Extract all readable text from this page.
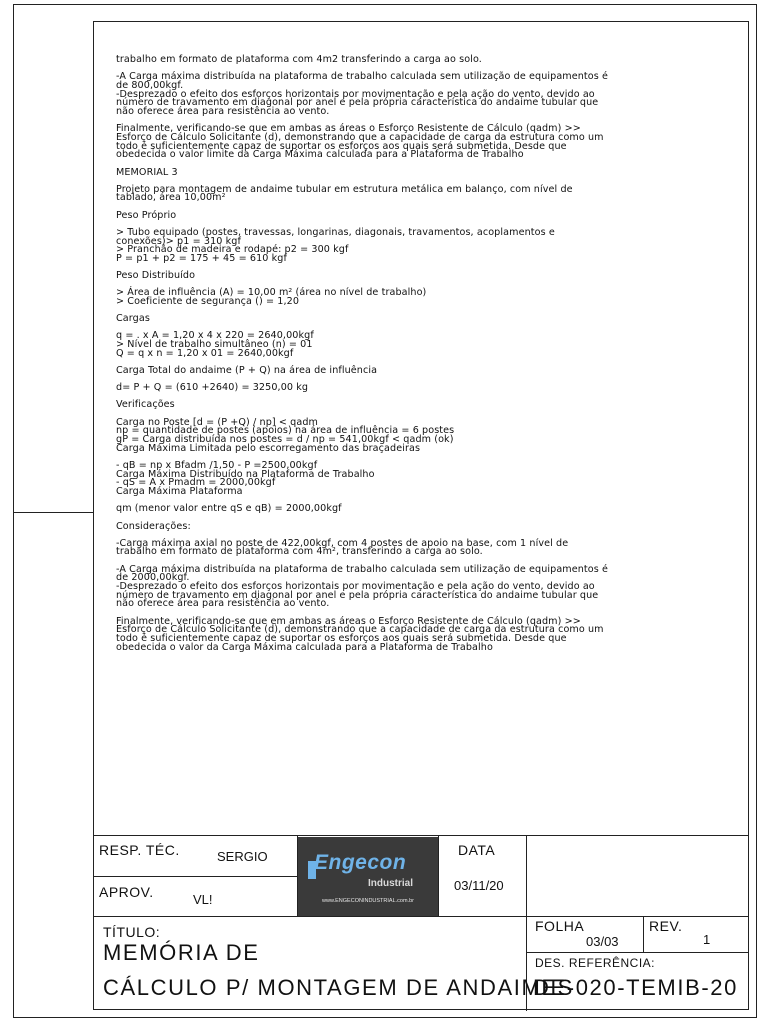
trabalho em formato de plataforma com 4m2 transferindo a carga ao solo.

-A Carga máxima distribuída na plataforma de trabalho calculada sem utilização de equipamentos é
de 800,00kgf.
-Desprezado o efeito dos esforços horizontais por movimentação e pela ação do vento, devido ao
número de travamento em diagonal por anel e pela própria característica do andaime tubular que
não oferece área para resistência ao vento.

Finalmente, verificando-se que em ambas as áreas o Esforço Resistente de Cálculo (qadm) >>
Esforço de Cálculo Solicitante (d), demonstrando que a capacidade de carga da estrutura como um
todo é suficientemente capaz de suportar os esforços aos quais será submetida. Desde que
obedecida o valor limite da Carga Máxima calculada para a Plataforma de Trabalho

MEMORIAL 3

Projeto para montagem de andaime tubular em estrutura metálica em balanço, com nível de
tablado, área 10,00m²

Peso Próprio

> Tubo equipado (postes, travessas, longarinas, diagonais, travamentos, acoplamentos e
conexões)> p1 = 310 kgf
> Pranchão de madeira e rodapé: p2 = 300 kgf
P = p1 + p2 = 175 + 45 = 610 kgf

Peso Distribuído

> Área de influência (A) = 10,00 m² (área no nível de trabalho)
> Coeficiente de segurança () = 1,20

Cargas

q = . x A = 1,20 x 4 x 220 = 2640,00kgf
> Nível de trabalho simultâneo (n) = 01
Q = q x n = 1,20 x 01 = 2640,00kgf

Carga Total do andaime (P + Q) na área de influência

d= P + Q = (610 +2640) = 3250,00 kg

Verificações

Carga no Poste [d = (P +Q) / np] < qadm
np = quantidade de postes (apoios) na área de influência = 6 postes
gP = Carga distribuída nos postes = d / np = 541,00kgf < qadm (ok)
Carga Máxima Limitada pelo escorregamento das braçadeiras

- qB = np x Bfadm /1,50 - P =2500,00kgf
Carga Máxima Distribuído na Plataforma de Trabalho
- qS = A x Pmadm = 2000,00kgf
Carga Máxima Plataforma

qm (menor valor entre qS e qB) = 2000,00kgf

Considerações:

-Carga máxima axial no poste de 422,00kgf, com 4 postes de apoio na base, com 1 nível de
trabalho em formato de plataforma com 4m², transferindo a carga ao solo.

-A Carga máxima distribuída na plataforma de trabalho calculada sem utilização de equipamentos é
de 2000,00kgf.
-Desprezado o efeito dos esforços horizontais por movimentação e pela ação do vento, devido ao
número de travamento em diagonal por anel e pela própria característica do andaime tubular que
não oferece área para resistência ao vento.

Finalmente, verificando-se que em ambas as áreas o Esforço Resistente de Cálculo (qadm) >>
Esforço de Cálculo Solicitante (d), demonstrando que a capacidade de carga da estrutura como um
todo é suficientemente capaz de suportar os esforços aos quais será submetida. Desde que
obedecida o valor da Carga Máxima calculada para a Plataforma de Trabalho

RESP. TÉC.	SERGIO
APROV.	VL!
Engecon
Industrial
www.ENGECONINDUSTRIAL.com.br
DATA
03/11/20
TÍTULO:
MEMÓRIA DE
CÁLCULO P/ MONTAGEM DE ANDAIMES
FOLHA
03/03
REV.
1
DES. REFERÊNCIA:
DE-020-TEMIB-20
